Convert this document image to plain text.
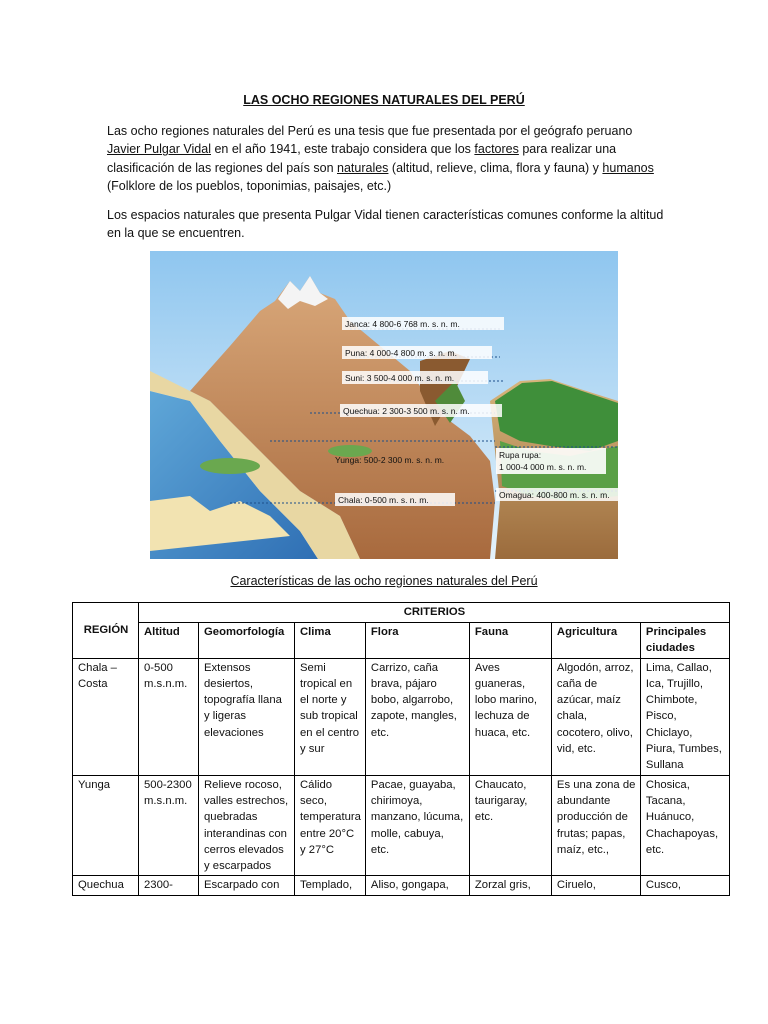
LAS OCHO REGIONES NATURALES DEL PERÚ

Las ocho regiones naturales del Perú es una tesis que fue presentada por el geógrafo peruano
Javier Pulgar Vidal en el año 1941, este trabajo considera que los factores para realizar una clasificación de las regiones del país son naturales (altitud, relieve, clima, flora y fauna) y humanos (Folklore de los pueblos, toponimias, paisajes, etc.)

Los espacios naturales que presenta Pulgar Vidal tienen características comunes conforme la altitud en la que se encuentren.

Janca: 4 800-6 768 m. s. n. m.
Puna: 4 000-4 800 m. s. n. m.
Suni: 3 500-4 000 m. s. n. m.
Quechua: 2 300-3 500 m. s. n. m.
Yunga: 500-2 300 m. s. n. m.
Chala: 0-500 m. s. n. m.
Rupa rupa:
1 000-4 000 m. s. n. m.
Omagua: 400-800 m. s. n. m.
Características de las ocho regiones naturales del Perú
REGIÓN	CRITERIOS						
	Altitud	Geomorfología	Clima	Flora	Fauna	Agricultura	Principales ciudades
Chala – Costa	0-500 m.s.n.m.	Extensos desiertos, topografía llana y ligeras elevaciones	Semi tropical en el norte y sub tropical en el centro y sur	Carrizo, caña brava, pájaro bobo, algarrobo, zapote, mangles, etc.	Aves guaneras, lobo marino, lechuza de huaca, etc.	Algodón, arroz, caña de azúcar, maíz chala, cocotero, olivo, vid, etc.	Lima, Callao, Ica, Trujillo, Chimbote, Pisco, Chiclayo, Piura, Tumbes, Sullana
Yunga	500-2300 m.s.n.m.	Relieve rocoso, valles estrechos, quebradas interandinas con cerros elevados y escarpados	Cálido seco, temperatura entre 20°C y 27°C	Pacae, guayaba, chirimoya, manzano, lúcuma, molle, cabuya, etc.	Chaucato, taurigaray, etc.	Es una zona de abundante producción de frutas; papas, maíz, etc.,	Chosica, Tacana, Huánuco, Chachapoyas, etc.
Quechua	2300-	Escarpado con	Templado,	Aliso, gongapa,	Zorzal gris,	Ciruelo,	Cusco,
